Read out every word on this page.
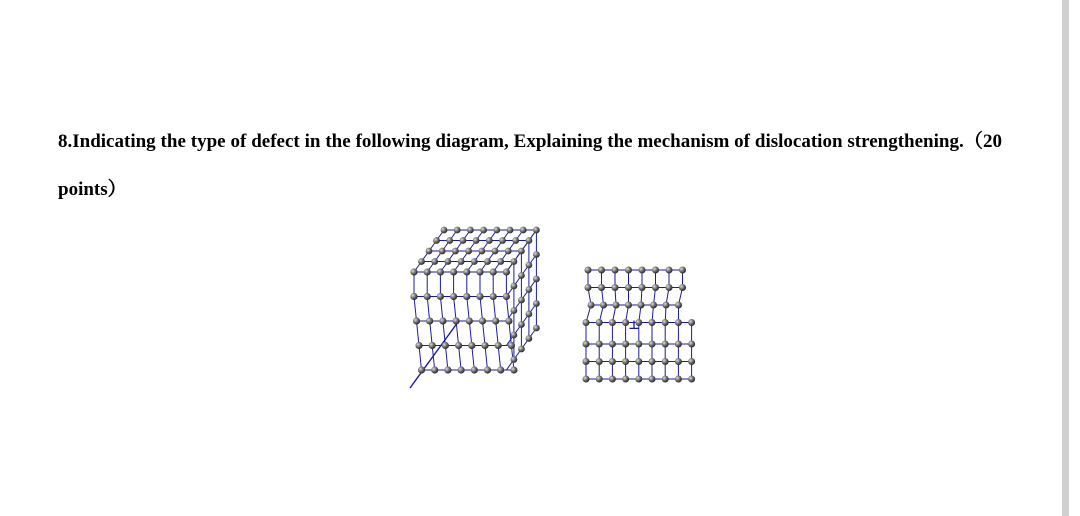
8.Indicating the type of defect in the following diagram, Explaining the mechanism of dislocation strengthening.（20 points）

⊥
